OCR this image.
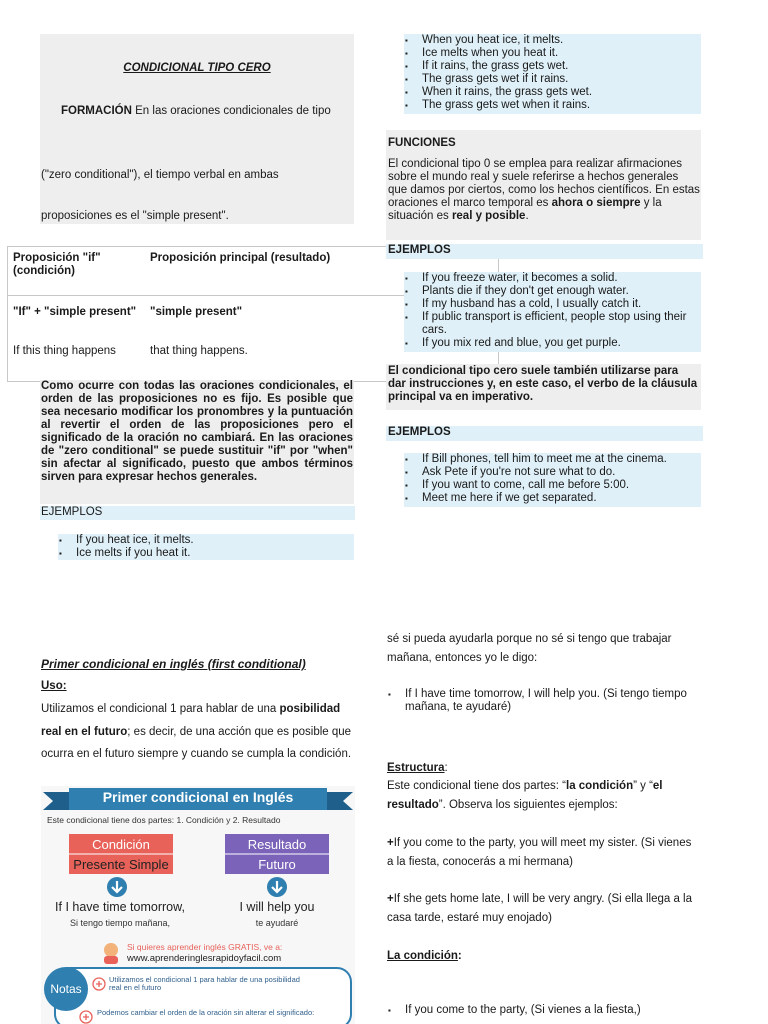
CONDICIONAL TIPO CERO
FORMACIÓN En las oraciones condicionales de tipo
("zero conditional"), el tiempo verbal en ambas
proposiciones es el "simple present".
Proposición "if" (condición)
Proposición principal (resultado)
"If" + "simple present"	"simple present"
If this thing happens	that thing happens.
Como ocurre con todas las oraciones condicionales, el orden de las proposiciones no es fijo. Es posible que sea necesario modificar los pronombres y la puntuación al revertir el orden de las proposiciones pero el significado de la oración no cambiará. En las oraciones de "zero conditional" se puede sustituir "if" por "when" sin afectar al significado, puesto que ambos términos sirven para expresar hechos generales.
EJEMPLOS
▪ If you heat ice, it melts.
▪ Ice melts if you heat it.
▪ When you heat ice, it melts.
▪ Ice melts when you heat it.
▪ If it rains, the grass gets wet.
▪ The grass gets wet if it rains.
▪ When it rains, the grass gets wet.
▪ The grass gets wet when it rains.
FUNCIONES
El condicional tipo 0 se emplea para realizar afirmaciones sobre el mundo real y suele referirse a hechos generales que damos por ciertos, como los hechos científicos. En estas oraciones el marco temporal es ahora o siempre y la situación es real y posible.
EJEMPLOS
▪ If you freeze water, it becomes a solid.
▪ Plants die if they don't get enough water.
▪ If my husband has a cold, I usually catch it.
▪ If public transport is efficient, people stop using their cars.
▪ If you mix red and blue, you get purple.
El condicional tipo cero suele también utilizarse para dar instrucciones y, en este caso, el verbo de la cláusula principal va en imperativo.
EJEMPLOS
▪ If Bill phones, tell him to meet me at the cinema.
▪ Ask Pete if you're not sure what to do.
▪ If you want to come, call me before 5:00.
▪ Meet me here if we get separated.
Primer condicional en inglés (first conditional)
Uso:
Utilizamos el condicional 1 para hablar de una posibilidad real en el futuro; es decir, de una acción que es posible que ocurra en el futuro siempre y cuando se cumpla la condición.
Primer condicional en Inglés
Este condicional tiene dos partes: 1. Condición y 2. Resultado
Condición
Presente Simple
Resultado
Futuro
If I have time tomorrow,
Si tengo tiempo mañana,
I will help you
te ayudaré
Si quieres aprender inglés GRATIS, ve a:
www.aprenderinglesrapidoyfacil.com
Notas
Utilizamos el condicional 1 para hablar de una posibilidad real en el futuro
Podemos cambiar el orden de la oración sin alterar el significado:
sé si pueda ayudarla porque no sé si tengo que trabajar mañana, entonces yo le digo:
▪ If I have time tomorrow, I will help you. (Si tengo tiempo mañana, te ayudaré)
Estructura:
Este condicional tiene dos partes: “la condición” y “el resultado”. Observa los siguientes ejemplos:
+If you come to the party, you will meet my sister. (Si vienes a la fiesta, conocerás a mi hermana)
+If she gets home late, I will be very angry. (Si ella llega a la casa tarde, estaré muy enojado)
La condición:
▪ If you come to the party, (Si vienes a la fiesta,)
